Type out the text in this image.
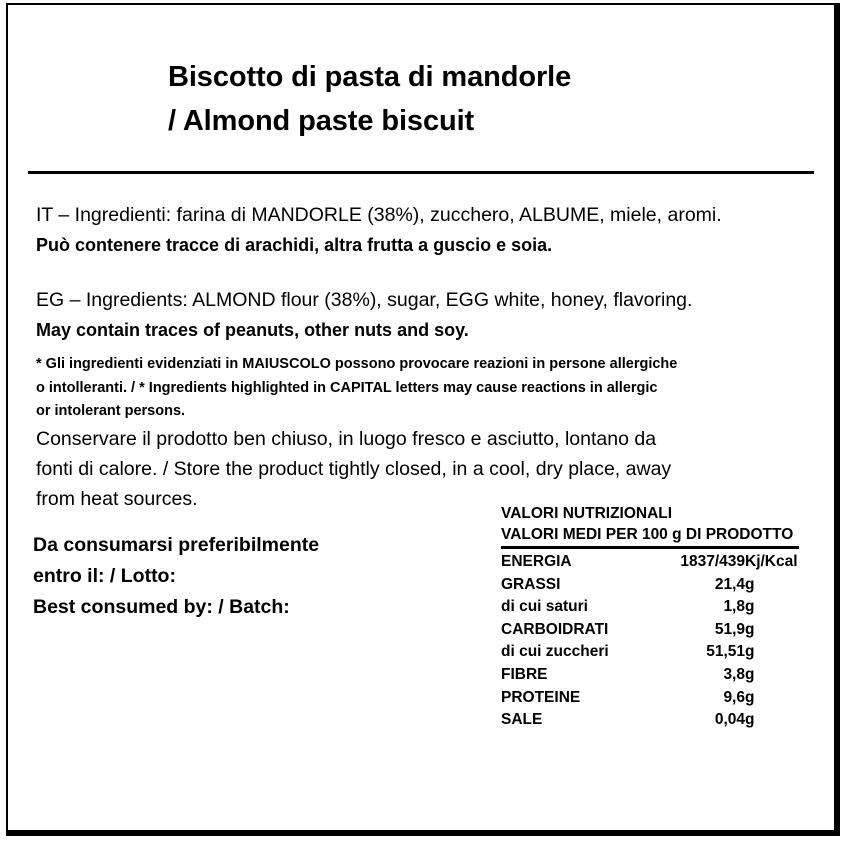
Biscotto di pasta di mandorle
/ Almond paste biscuit
IT – Ingredienti: farina di MANDORLE (38%), zucchero, ALBUME, miele, aromi.
Può contenere tracce di arachidi, altra frutta a guscio e soia.
EG – Ingredients: ALMOND flour (38%), sugar, EGG white, honey, flavoring.
May contain traces of peanuts, other nuts and soy.
* Gli ingredienti evidenziati in MAIUSCOLO possono provocare reazioni in persone allergiche
o intolleranti. / * Ingredients highlighted in CAPITAL letters may cause reactions in allergic
or intolerant persons.
Conservare il prodotto ben chiuso, in luogo fresco e asciutto, lontano da
fonti di calore. / Store the product tightly closed, in a cool, dry place, away
from heat sources.
Da consumarsi preferibilmente
entro il: / Lotto:
Best consumed by: / Batch:
VALORI NUTRIZIONALI
VALORI MEDI PER 100 g DI PRODOTTO
ENERGIA	1837/439	Kj/Kcal
GRASSI	21,4	g
di cui saturi	1,8	g
CARBOIDRATI	51,9	g
di cui zuccheri	51,51	g
FIBRE	3,8	g
PROTEINE	9,6	g
SALE	0,04	g
